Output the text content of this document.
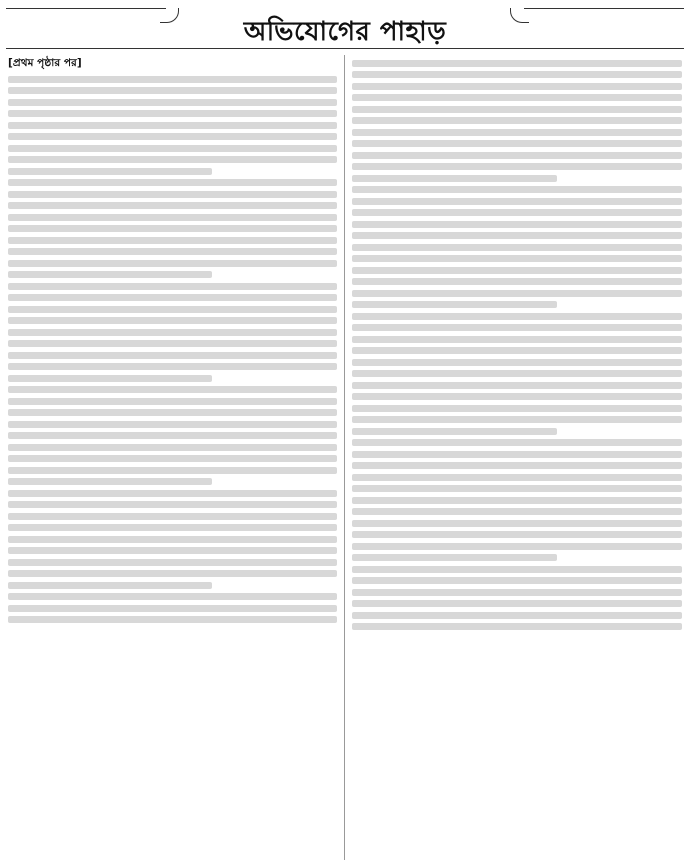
অভিযোগের পাহাড়

[প্রথম পৃষ্ঠার পর]
